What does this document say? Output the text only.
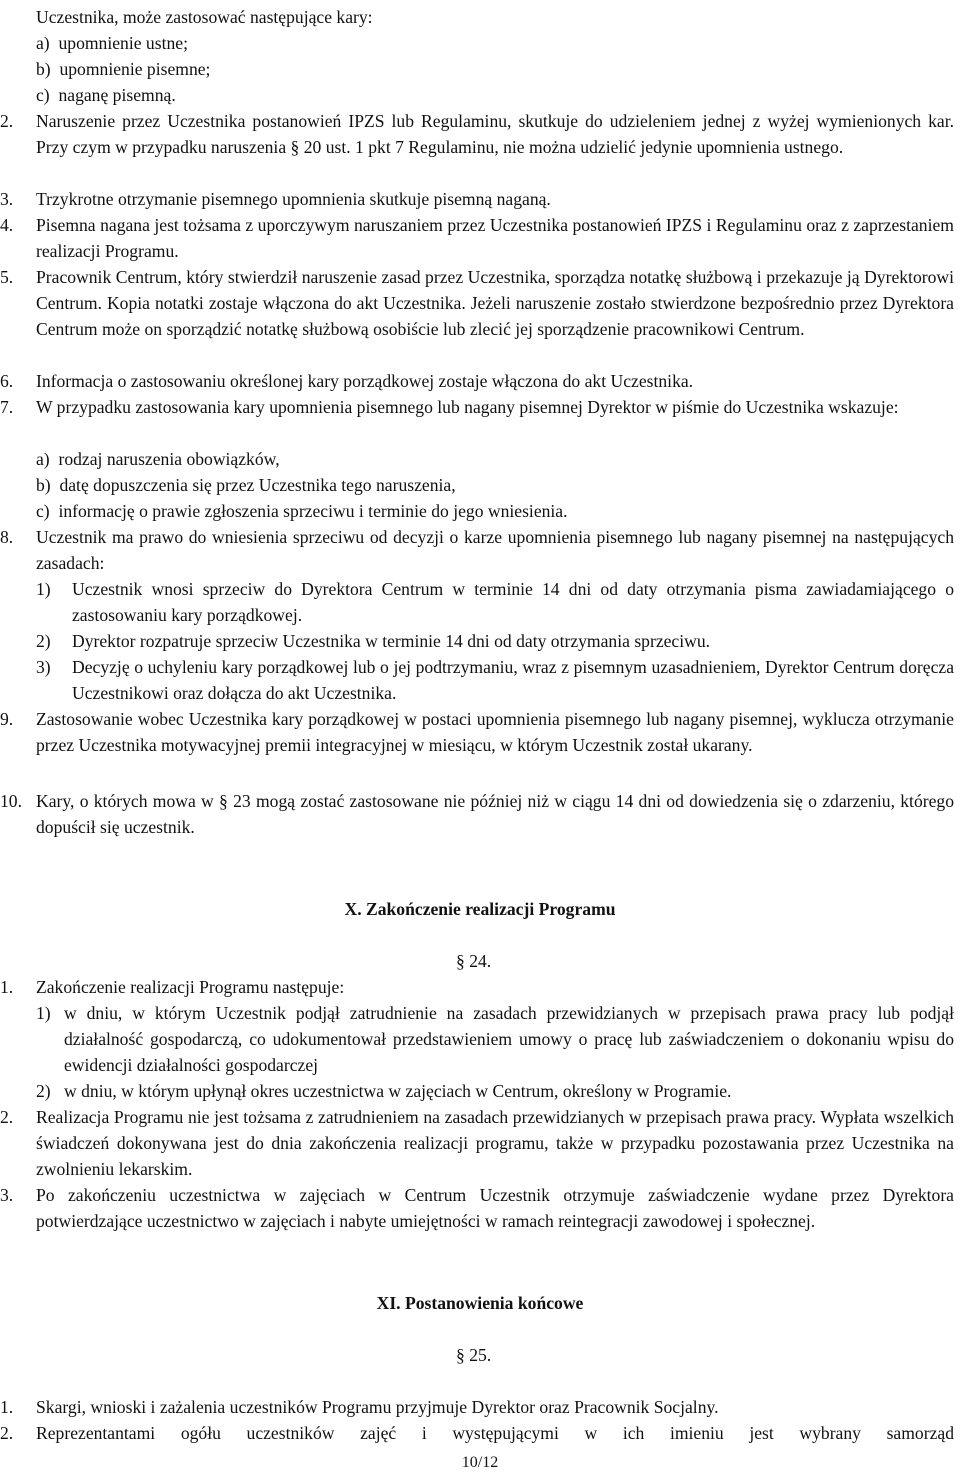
Uczestnika, może zastosować następujące kary:
a) upomnienie ustne;
b) upomnienie pisemne;
c) naganę pisemną.
2.	Naruszenie przez Uczestnika postanowień IPZS lub Regulaminu, skutkuje do udzieleniem jednej z wyżej wymienionych kar. Przy czym w przypadku naruszenia § 20 ust. 1 pkt 7 Regulaminu, nie można udzielić jedynie upomnienia ustnego.
3.	Trzykrotne otrzymanie pisemnego upomnienia skutkuje pisemną naganą.
4.	Pisemna nagana jest tożsama z uporczywym naruszaniem przez Uczestnika postanowień IPZS i Regulaminu oraz z zaprzestaniem realizacji Programu.
5.	Pracownik Centrum, który stwierdził naruszenie zasad przez Uczestnika, sporządza notatkę służbową i przekazuje ją Dyrektorowi Centrum. Kopia notatki zostaje włączona do akt Uczestnika. Jeżeli naruszenie zostało stwierdzone bezpośrednio przez Dyrektora Centrum może on sporządzić notatkę służbową osobiście lub zlecić jej sporządzenie pracownikowi Centrum.
6.	Informacja o zastosowaniu określonej kary porządkowej zostaje włączona do akt Uczestnika.
7.	W przypadku zastosowania kary upomnienia pisemnego lub nagany pisemnej Dyrektor w piśmie do Uczestnika wskazuje:
a) rodzaj naruszenia obowiązków,
b) datę dopuszczenia się przez Uczestnika tego naruszenia,
c) informację o prawie zgłoszenia sprzeciwu i terminie do jego wniesienia.
8.	Uczestnik ma prawo do wniesienia sprzeciwu od decyzji o karze upomnienia pisemnego lub nagany pisemnej na następujących zasadach:
1)	Uczestnik wnosi sprzeciw do Dyrektora Centrum w terminie 14 dni od daty otrzymania pisma zawiadamiającego o zastosowaniu kary porządkowej.
2)	Dyrektor rozpatruje sprzeciw Uczestnika w terminie 14 dni od daty otrzymania sprzeciwu.
3)	Decyzję o uchyleniu kary porządkowej lub o jej podtrzymaniu, wraz z pisemnym uzasadnieniem, Dyrektor Centrum doręcza Uczestnikowi oraz dołącza do akt Uczestnika.
9.	Zastosowanie wobec Uczestnika kary porządkowej w postaci upomnienia pisemnego lub nagany pisemnej, wyklucza otrzymanie przez Uczestnika motywacyjnej premii integracyjnej w miesiącu, w którym Uczestnik został ukarany.
10. Kary, o których mowa w § 23 mogą zostać zastosowane nie później niż w ciągu 14 dni od dowiedzenia się o zdarzeniu, którego dopuścił się uczestnik.
X. Zakończenie realizacji Programu
§ 24.
1.	Zakończenie realizacji Programu następuje:
1) w dniu, w którym Uczestnik podjął zatrudnienie na zasadach przewidzianych w przepisach prawa pracy lub podjął działalność gospodarczą, co udokumentował przedstawieniem umowy o pracę lub zaświadczeniem o dokonaniu wpisu do ewidencji działalności gospodarczej
2) w dniu, w którym upłynął okres uczestnictwa w zajęciach w Centrum, określony w Programie.
2.	Realizacja Programu nie jest tożsama z zatrudnieniem na zasadach przewidzianych w przepisach prawa pracy. Wypłata wszelkich świadczeń dokonywana jest do dnia zakończenia realizacji programu, także w przypadku pozostawania przez Uczestnika na zwolnieniu lekarskim.
3.	Po zakończeniu uczestnictwa w zajęciach w Centrum Uczestnik otrzymuje zaświadczenie wydane przez Dyrektora potwierdzające uczestnictwo w zajęciach i nabyte umiejętności w ramach reintegracji zawodowej i społecznej.
XI. Postanowienia końcowe
§ 25.
1.	Skargi, wnioski i zażalenia uczestników Programu przyjmuje Dyrektor oraz Pracownik Socjalny.
2.	Reprezentantami ogółu uczestników zajęć i występującymi w ich imieniu jest wybrany samorząd
10/12
